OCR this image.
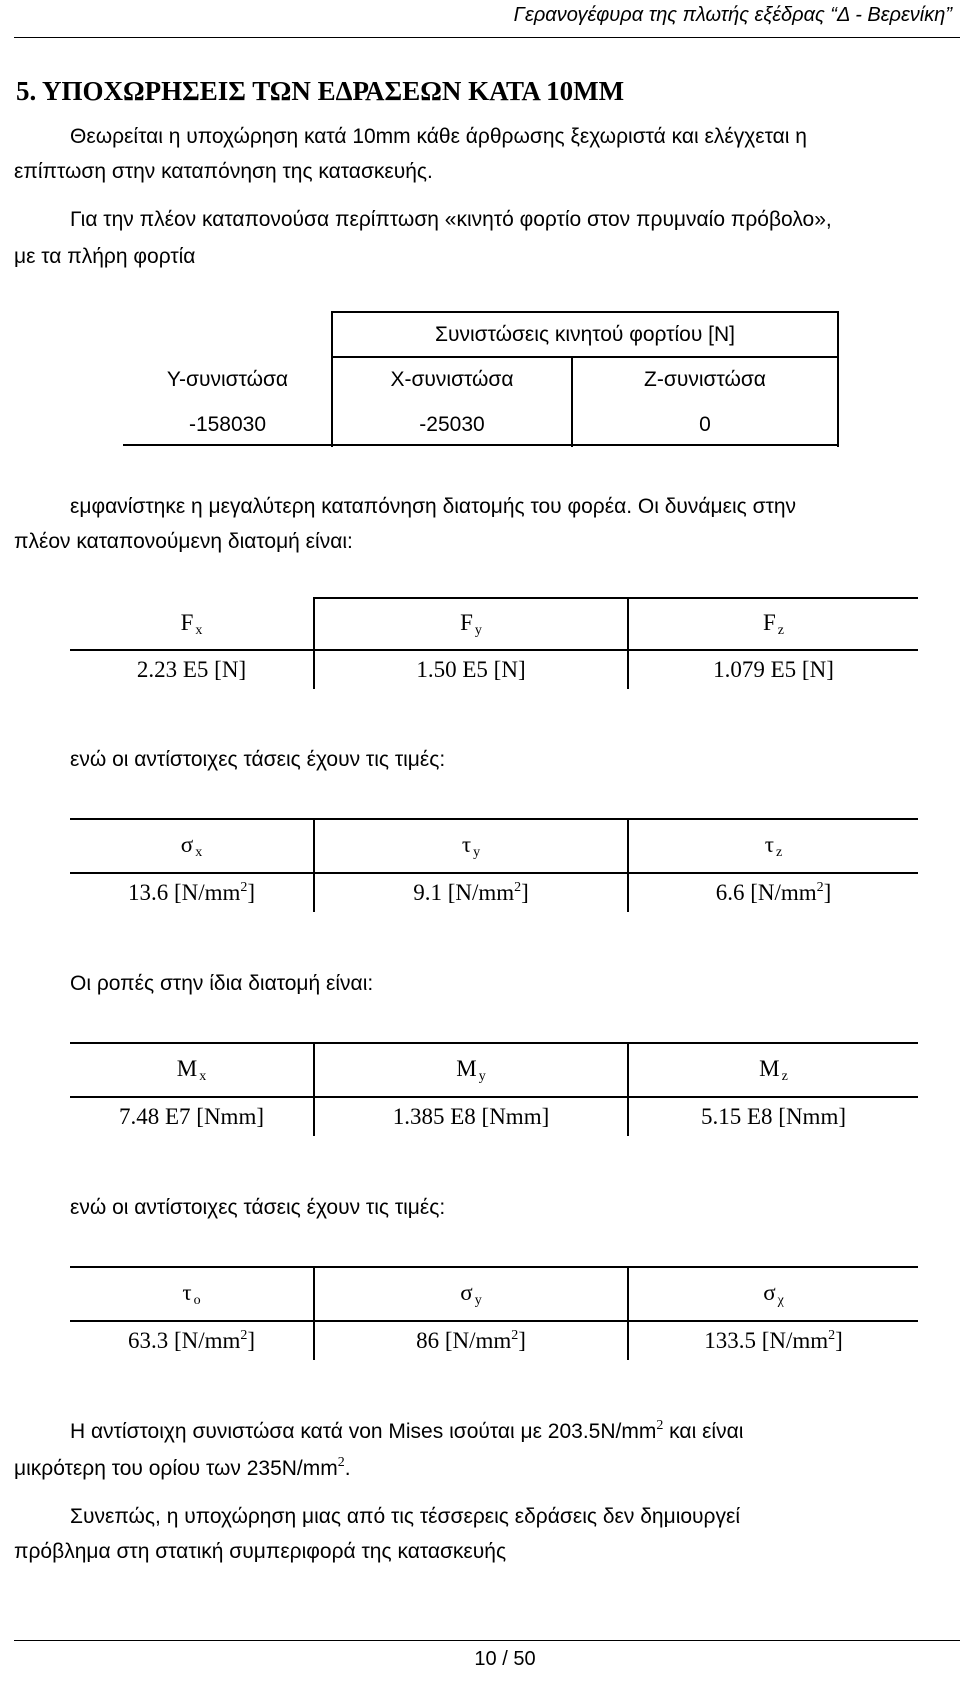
Γερανογέφυρα της πλωτής εξέδρας “Δ - Βερενίκη”
5. ΥΠΟΧΩΡΗΣΕΙΣ ΤΩΝ ΕΔΡΑΣΕΩΝ ΚΑΤΑ 10ΜΜ
Θεωρείται η υποχώρηση κατά 10mm κάθε άρθρωσης ξεχωριστά και ελέγχεται η
επίπτωση στην καταπόνηση της κατασκευής.
Για την πλέον καταπονούσα περίπτωση «κινητό φορτίο στον πρυμναίο πρόβολο»,
με τα πλήρη φορτία
	Συνιστώσεις κινητού φορτίου [N]	
Y-συνιστώσα	X-συνιστώσα	Z-συνιστώσα
-158030	-25030	0
εμφανίστηκε η μεγαλύτερη καταπόνηση διατομής του φορέα. Οι δυνάμεις στην
πλέον καταπονούμενη διατομή είναι:
F $_x$	F $_y$	F $_z$
2.23 E5 [N]	1.50 E5 [N]	1.079 E5 [N]
ενώ οι αντίστοιχες τάσεις έχουν τις τιμές:
σ $_x$	τ $_y$	τ $_z$
13.6 $[N/mm^2]$	9.1 $[N/mm^2]$	6.6 $[N/mm^2]$
Οι ροπές στην ίδια διατομή είναι:
M $_x$	M $_y$	M $_z$
7.48 E7 [Nmm]	1.385 E8 [Nmm]	5.15 E8 [Nmm]
ενώ οι αντίστοιχες τάσεις έχουν τις τιμές:
τ $_o$	σ $_y$	σ $_\chi$
63.3 $[N/mm^2]$	86 $[N/mm^2]$	133.5 $[N/mm^2]$
Η αντίστοιχη συνιστώσα κατά von Mises ισούται με $203.5N/mm^2$ και είναι
μικρότερη του ορίου των $235N/mm^2$.
Συνεπώς, η υποχώρηση μιας από τις τέσσερεις εδράσεις δεν δημιουργεί
πρόβλημα στη στατική συμπεριφορά της κατασκευής
10 / 50
